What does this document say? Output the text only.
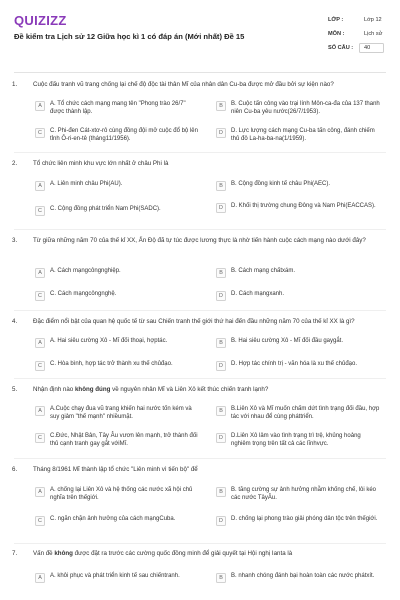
QUIZIZZ
Đề kiểm tra Lịch sử 12 Giữa học kì 1 có đáp án (Mới nhất) Đề 15
LỚP :	Lớp 12
MÔN :	Lịch sử
SỐ CÂU : 40
1.	Cuộc đấu tranh vũ trang chống lại chế độ độc tài thân Mĩ của nhân dân Cu-ba được mở đầu bởi sự kiện nào?
A	A. Tổ chức cách mạng mang tên "Phong trào 26/7" được thành lập.
B	B. Cuộc tấn công vào trại lính Môn-ca-đa của 137 thanh niên Cu-ba yêu nước(26/7/1953).
C	C. Phi-đen Cát-xtơ-rô cùng đồng đội mở cuộc đổ bộ lên tỉnh Ô-ri-en-tê (tháng11/1956).
D	D. Lực lượng cách mạng Cu-ba tấn công, đánh chiếm thủ đô La-ha-ba-na(1/1959).
2.	Tổ chức liên minh khu vực lớn nhất ở châu Phi là
A	A. Liên minh châu Phi(AU).	B	B. Cộng đồng kinh tế châu Phi(AEC).
C	C. Cộng đồng phát triển Nam Phi(SADC).	D	D. Khối thị trường chung Đông và Nam Phi(EACCAS).
3.	Từ giữa những năm 70 của thế kỉ XX, Ấn Độ đã tự túc được lương thực là nhờ tiến hành cuộc cách mạng nào dưới đây?
A	A. Cách mạngcôngnghiệp.	B	B. Cách mạng chấtxám.
C	C. Cách mạngcôngnghệ.	D	D. Cách mạngxanh.
4.	Đặc điểm nổi bật của quan hệ quốc tế từ sau Chiến tranh thế giới thứ hai đến đầu những năm 70 của thế kỉ XX là gì?
A	A. Hai siêu cường Xô - Mĩ đối thoại, hợptác.	B	B. Hai siêu cường Xô - Mĩ đối đầu gaygắt.
C	C. Hòa bình, hợp tác trở thành xu thế chủđạo.	D	D. Hợp tác chính trị - văn hóa là xu thế chủđạo.
5.	Nhận định nào không đúng về nguyên nhân Mĩ và Liên Xô kết thúc chiến tranh lạnh?
A	A.Cuộc chạy đua vũ trang khiến hai nước tốn kém và suy giảm "thế mạnh" nhiềumặt.
B	B.Liên Xô và Mĩ muốn chấm dứt tình trạng đối đầu, hợp tác với nhau để cùng pháttriển.
C	C.Đức, Nhật Bản, Tây Âu vươn lên mạnh, trở thành đối thủ cạnh tranh gay gắt vớiMĩ.
D	D.Liên Xô lâm vào tình trạng trì trệ, khủng hoảng nghiêm trọng trên tất cả các lĩnhvực.
6.	Tháng 8/1961 Mĩ thành lập tổ chức "Liên minh vì tiến bộ" để
A	A. chống lại Liên Xô và hệ thống các nước xã hội chủ nghĩa trên thếgiới.
B	B. tăng cường sự ảnh hưởng nhằm khống chế, lôi kéo các nước TâyÂu.
C	C. ngăn chặn ảnh hưởng của cách mạngCuba.	D	D. chống lại phong trào giải phóng dân tộc trên thếgiới.
7.	Vấn đề không được đặt ra trước các cường quốc đồng minh để giải quyết tại Hội nghị Ianta là
A	A. khôi phục và phát triển kinh tế sau chiếntranh.	B	B. nhanh chóng đánh bại hoàn toàn các nước phátxít.
